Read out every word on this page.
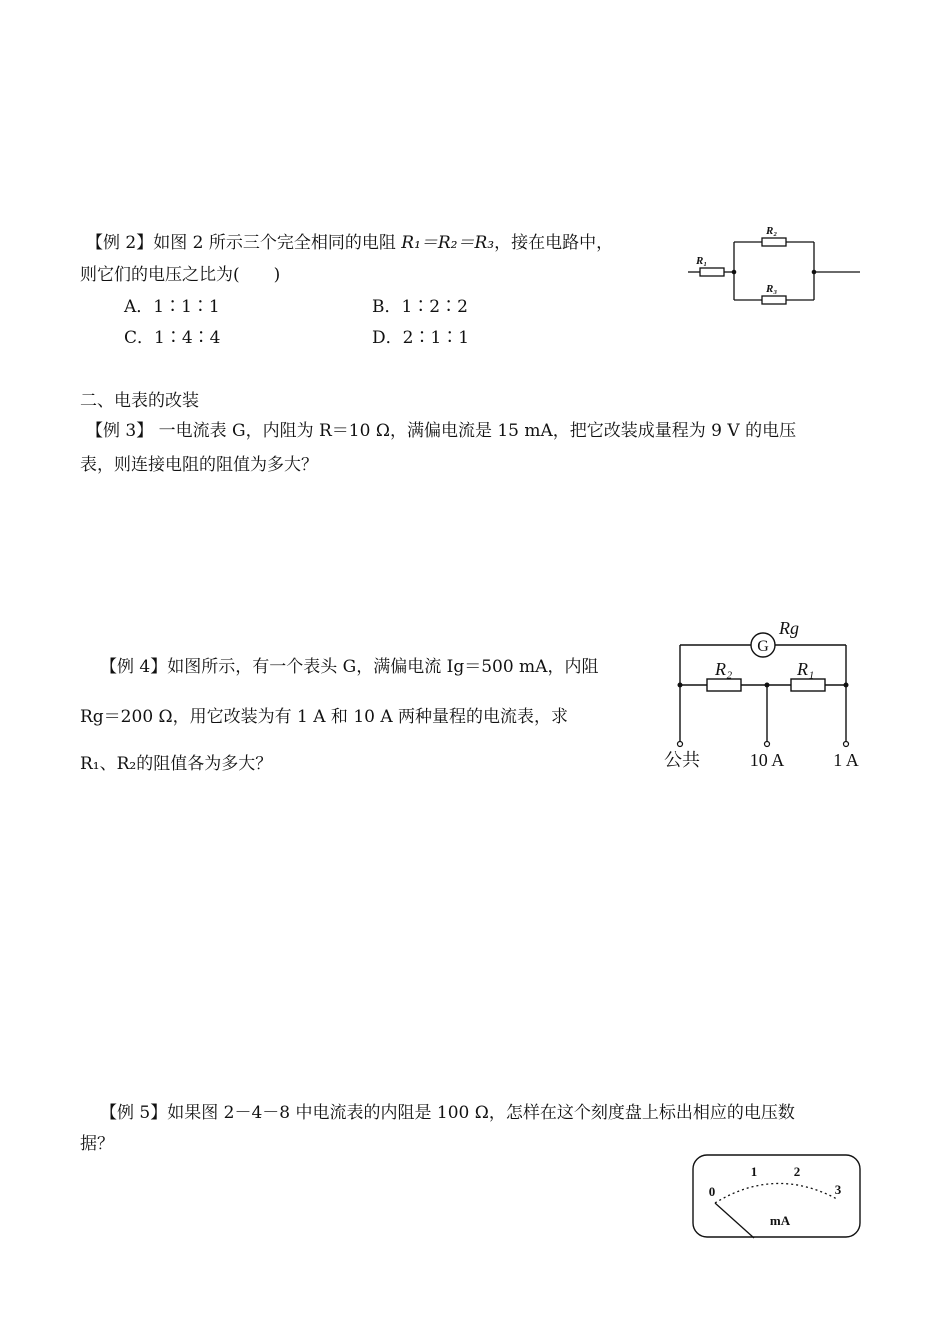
【例 2】如图 2 所示三个完全相同的电阻 R₁＝R₂＝R₃，接在电路中，
则它们的电压之比为(　　)
A．1∶1∶1	B．1∶2∶2
C．1∶4∶4	D．2∶1∶1
R₁
R₂
R₃
二、电表的改装
【例 3】 一电流表 G，内阻为 R＝10 Ω，满偏电流是 15 mA，把它改装成量程为 9 V 的电压
表，则连接电阻的阻值为多大？
【例 4】如图所示，有一个表头 G，满偏电流 Ig＝500 mA，内阻
Rg＝200 Ω，用它改装为有 1 A 和 10 A 两种量程的电流表，求
R₁、R₂的阻值各为多大？
G
Rg
R₂	R₁
公共	10 A	1 A
【例 5】如果图 2－4－8 中电流表的内阻是 100 Ω，怎样在这个刻度盘上标出相应的电压数
据？
0
1	2
3
mA
